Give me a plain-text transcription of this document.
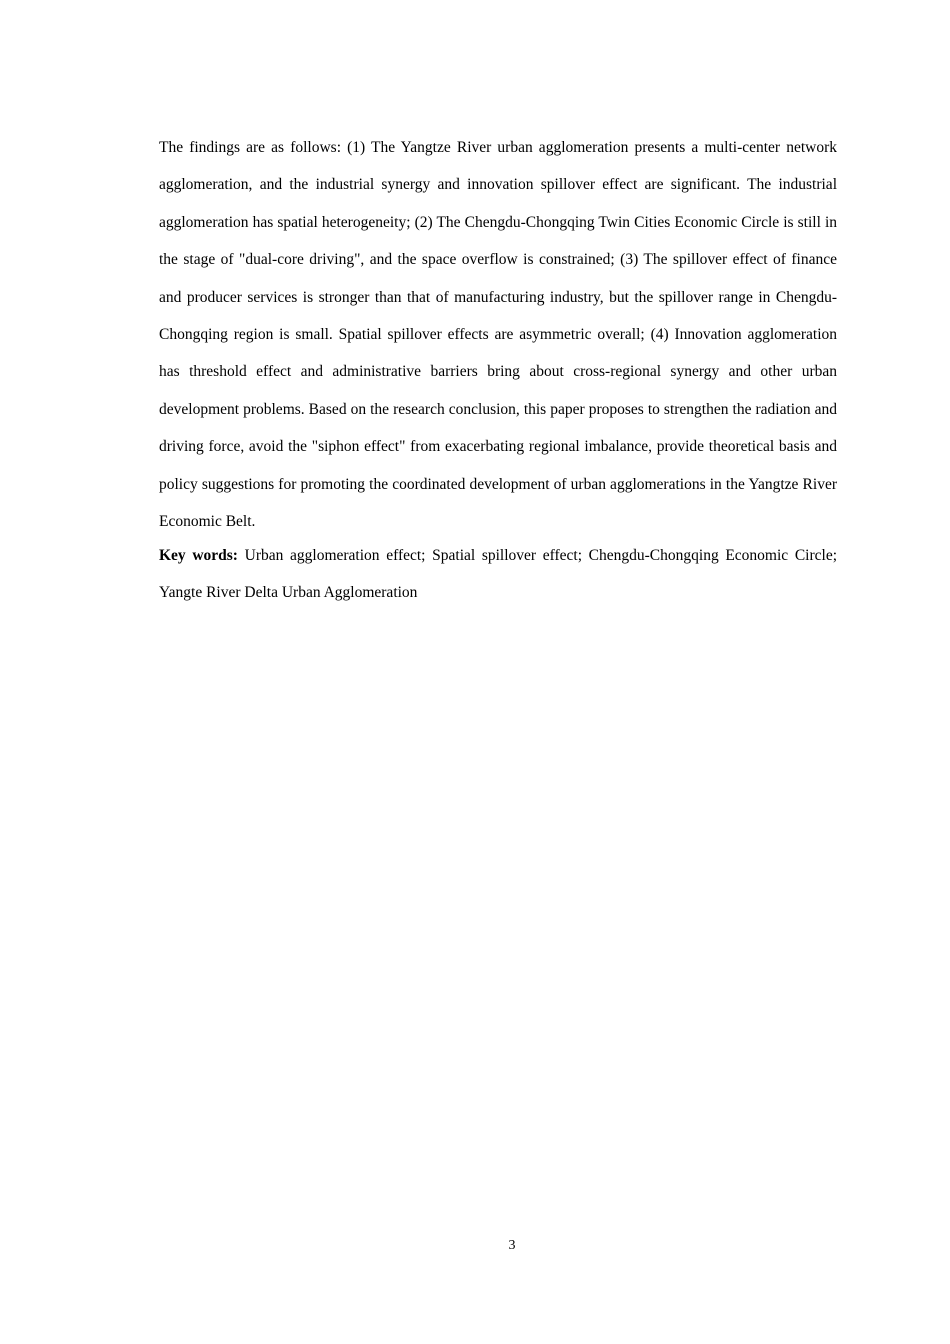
The findings are as follows: (1) The Yangtze River urban agglomeration presents a multi-center network agglomeration, and the industrial synergy and innovation spillover effect are significant. The industrial agglomeration has spatial heterogeneity; (2) The Chengdu-Chongqing Twin Cities Economic Circle is still in the stage of "dual-core driving", and the space overflow is constrained; (3) The spillover effect of finance and producer services is stronger than that of manufacturing industry, but the spillover range in Chengdu-Chongqing region is small. Spatial spillover effects are asymmetric overall; (4) Innovation agglomeration has threshold effect and administrative barriers bring about cross-regional synergy and other urban development problems. Based on the research conclusion, this paper proposes to strengthen the radiation and driving force, avoid the "siphon effect" from exacerbating regional imbalance, provide theoretical basis and policy suggestions for promoting the coordinated development of urban agglomerations in the Yangtze River Economic Belt.

Key words: Urban agglomeration effect; Spatial spillover effect; Chengdu-Chongqing Economic Circle; Yangte River Delta Urban Agglomeration

3
